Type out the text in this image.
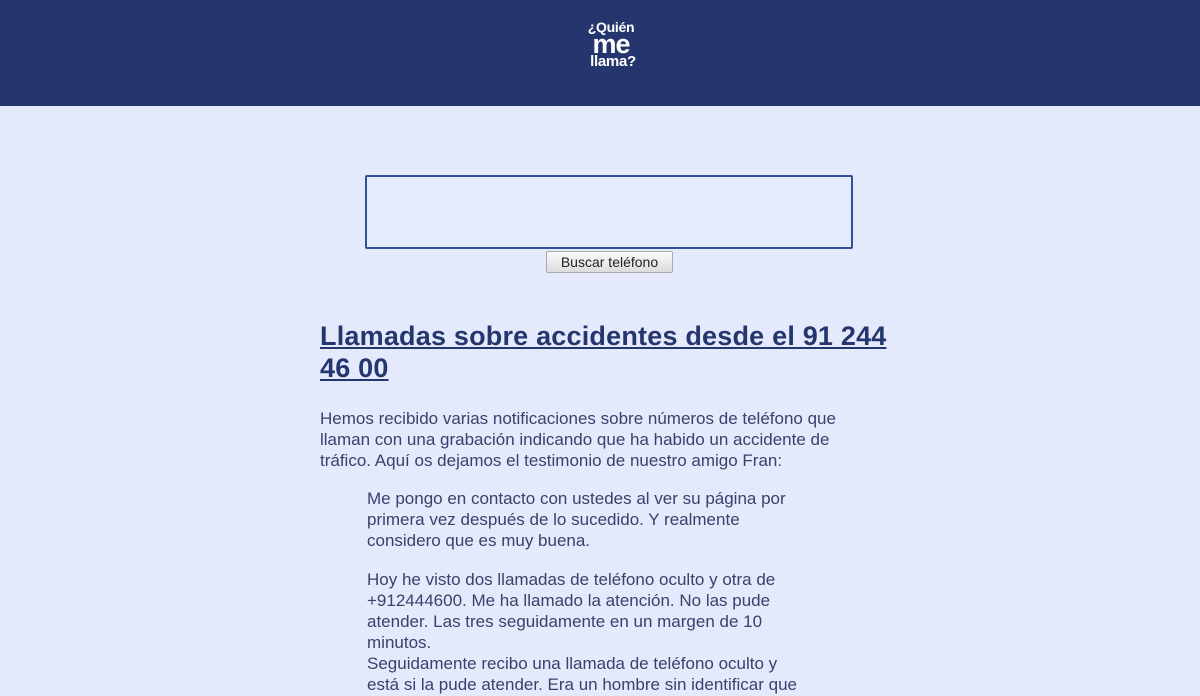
¿Quién
me
llama?
Buscar teléfono
Llamadas sobre accidentes desde el 91 244
46 00

Hemos recibido varias notificaciones sobre números de teléfono que
llaman con una grabación indicando que ha habido un accidente de
tráfico. Aquí os dejamos el testimonio de nuestro amigo Fran:

Me pongo en contacto con ustedes al ver su página por
primera vez después de lo sucedido. Y realmente
considero que es muy buena.

Hoy he visto dos llamadas de teléfono oculto y otra de
+912444600. Me ha llamado la atención. No las pude
atender. Las tres seguidamente en un margen de 10
minutos.
Seguidamente recibo una llamada de teléfono oculto y
está si la pude atender. Era un hombre sin identificar que
